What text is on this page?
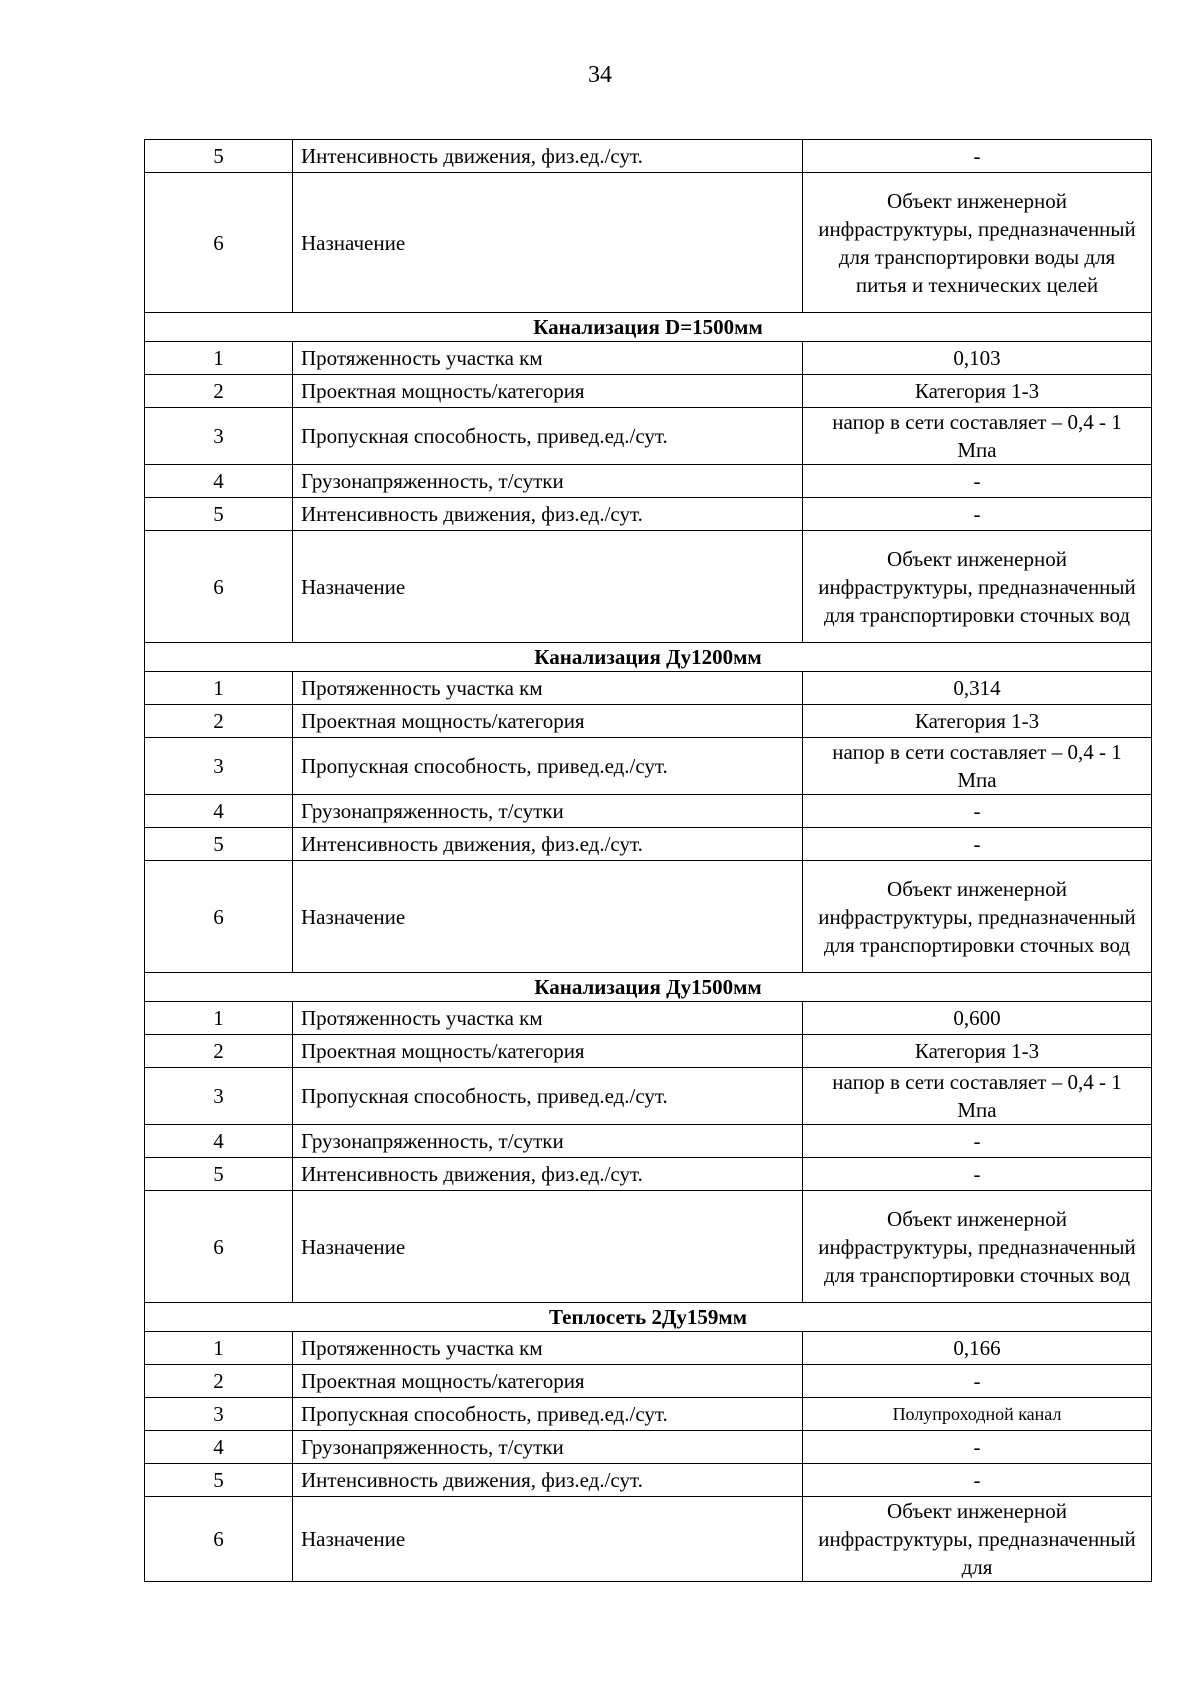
34
5	Интенсивность движения, физ.ед./сут.	-
6	Назначение	Объект инженерной инфраструктуры, предназначенный для транспортировки воды для питья и технических целей
Канализация D=1500мм		
1	Протяженность участка км	0,103
2	Проектная мощность/категория	Категория 1-3
3	Пропускная способность, привед.ед./сут.	напор в сети составляет – 0,4 - 1 Мпа
4	Грузонапряженность, т/сутки	-
5	Интенсивность движения, физ.ед./сут.	-
6	Назначение	Объект инженерной инфраструктуры, предназначенный для транспортировки сточных вод
Канализация Ду1200мм		
1	Протяженность участка км	0,314
2	Проектная мощность/категория	Категория 1-3
3	Пропускная способность, привед.ед./сут.	напор в сети составляет – 0,4 - 1 Мпа
4	Грузонапряженность, т/сутки	-
5	Интенсивность движения, физ.ед./сут.	-
6	Назначение	Объект инженерной инфраструктуры, предназначенный для транспортировки сточных вод
Канализация Ду1500мм		
1	Протяженность участка км	0,600
2	Проектная мощность/категория	Категория 1-3
3	Пропускная способность, привед.ед./сут.	напор в сети составляет – 0,4 - 1 Мпа
4	Грузонапряженность, т/сутки	-
5	Интенсивность движения, физ.ед./сут.	-
6	Назначение	Объект инженерной инфраструктуры, предназначенный для транспортировки сточных вод
Теплосеть 2Ду159мм		
1	Протяженность участка км	0,166
2	Проектная мощность/категория	-
3	Пропускная способность, привед.ед./сут.	Полупроходной канал
4	Грузонапряженность, т/сутки	-
5	Интенсивность движения, физ.ед./сут.	-
6	Назначение	Объект инженерной инфраструктуры, предназначенный для
